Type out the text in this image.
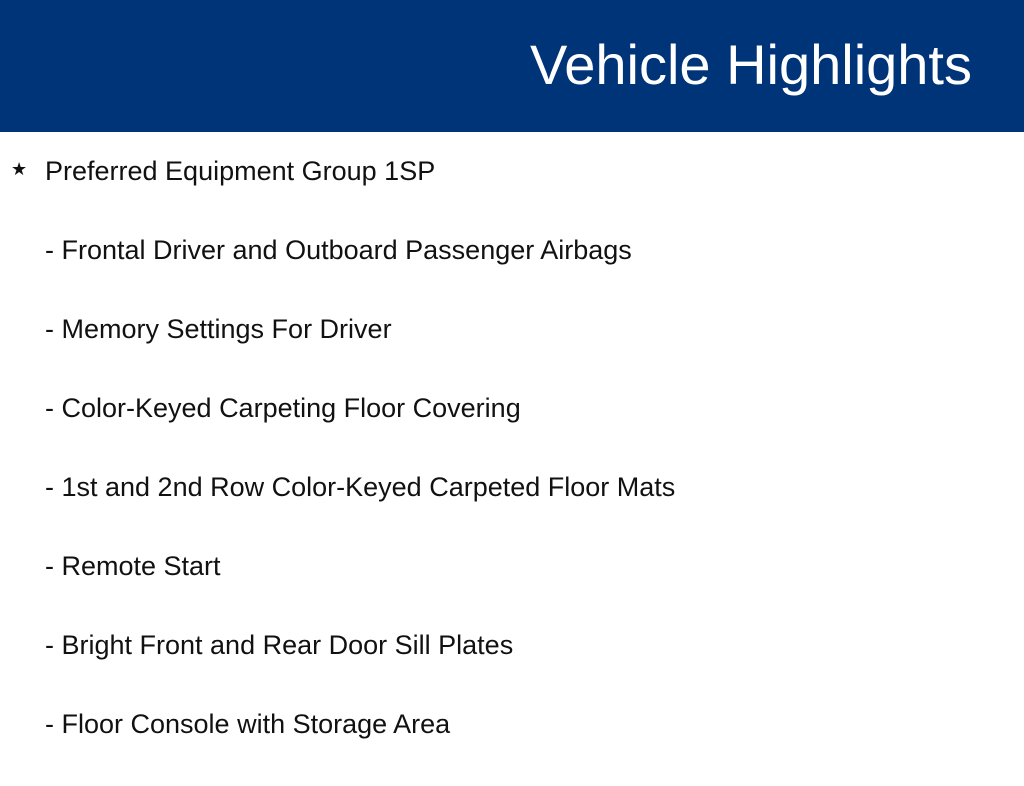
Vehicle Highlights
★ Preferred Equipment Group 1SP
- Frontal Driver and Outboard Passenger Airbags
- Memory Settings For Driver
- Color-Keyed Carpeting Floor Covering
- 1st and 2nd Row Color-Keyed Carpeted Floor Mats
- Remote Start
- Bright Front and Rear Door Sill Plates
- Floor Console with Storage Area
